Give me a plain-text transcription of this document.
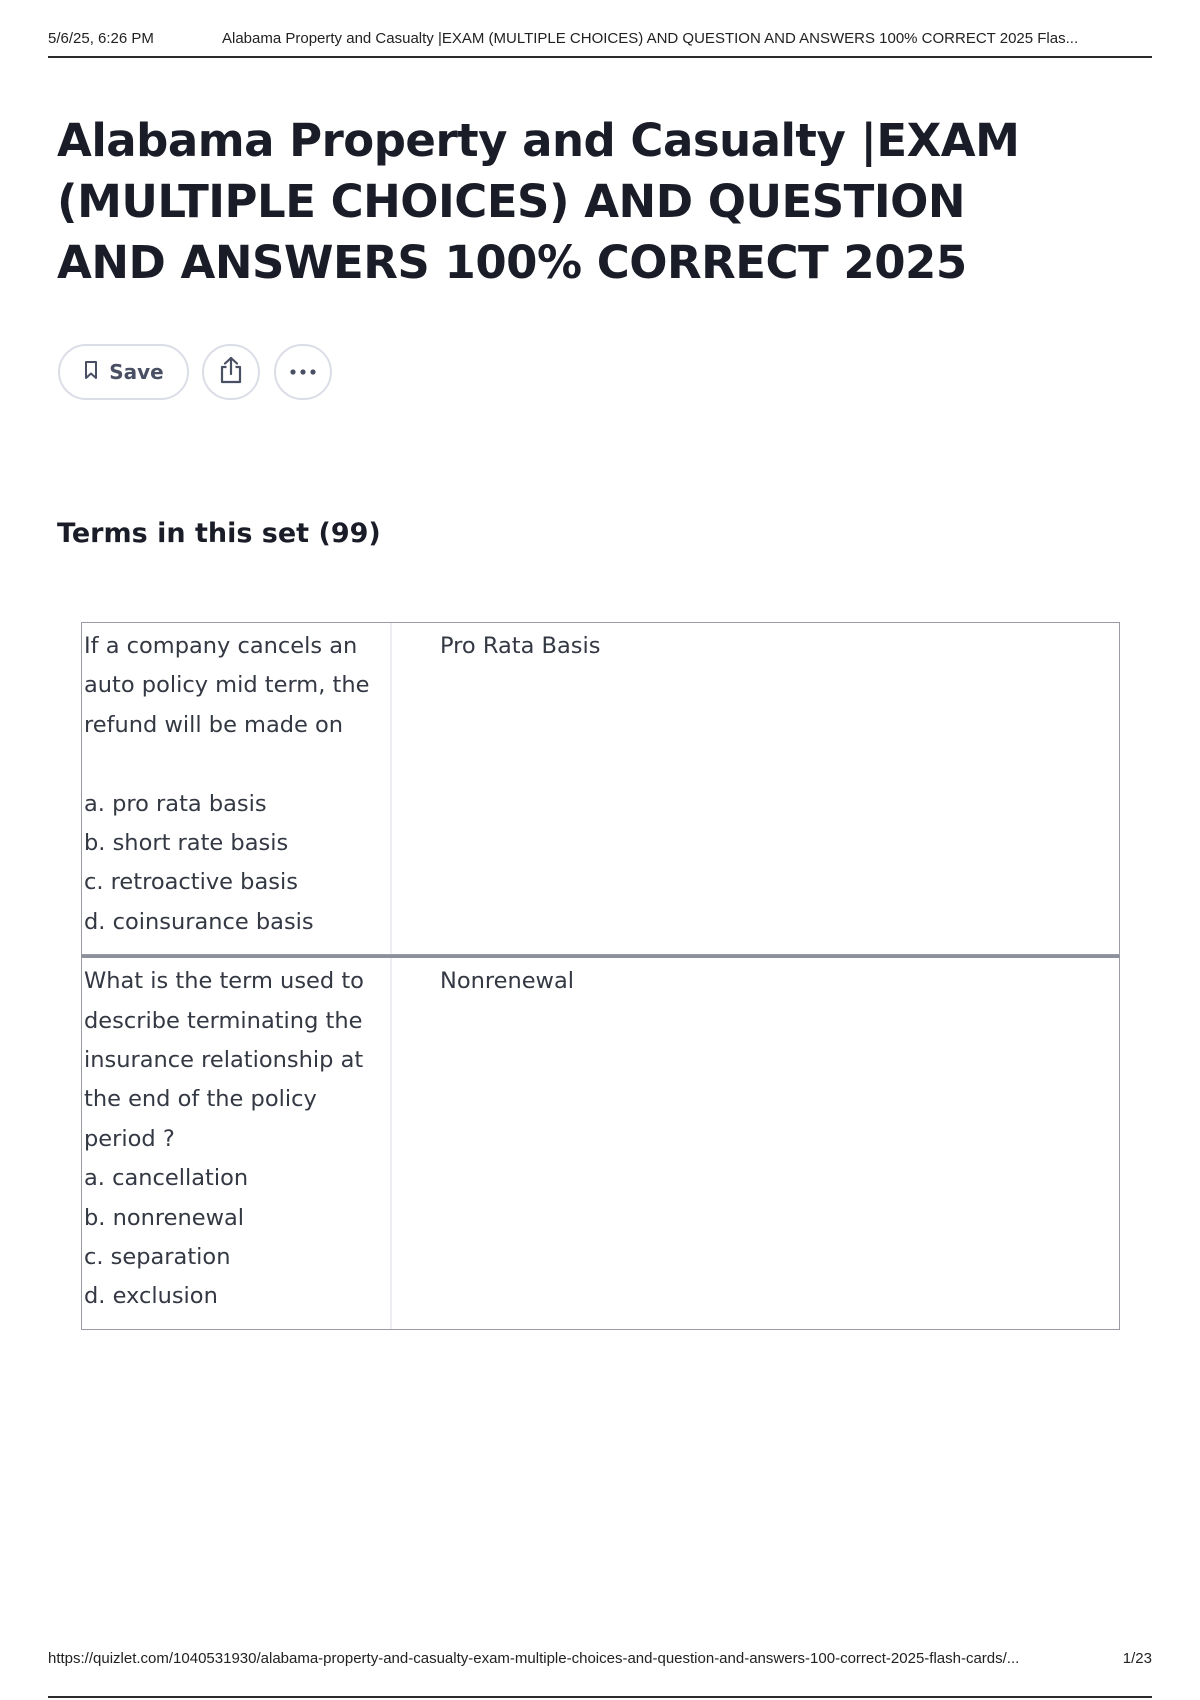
5/6/25, 6:26 PM	Alabama Property and Casualty |EXAM (MULTIPLE CHOICES) AND QUESTION AND ANSWERS 100% CORRECT 2025 Flas...
Alabama Property and Casualty |EXAM (MULTIPLE CHOICES) AND QUESTION AND ANSWERS 100% CORRECT 2025
Save
Terms in this set (99)
If a company cancels an
auto policy mid term, the
refund will be made on
a. pro rata basis
b. short rate basis
c. retroactive basis
d. coinsurance basis
Pro Rata Basis
What is the term used to
describe terminating the
insurance relationship at
the end of the policy
period ?
a. cancellation
b. nonrenewal
c. separation
d. exclusion
Nonrenewal
https://quizlet.com/1040531930/alabama-property-and-casualty-exam-multiple-choices-and-question-and-answers-100-correct-2025-flash-cards/...	1/23
